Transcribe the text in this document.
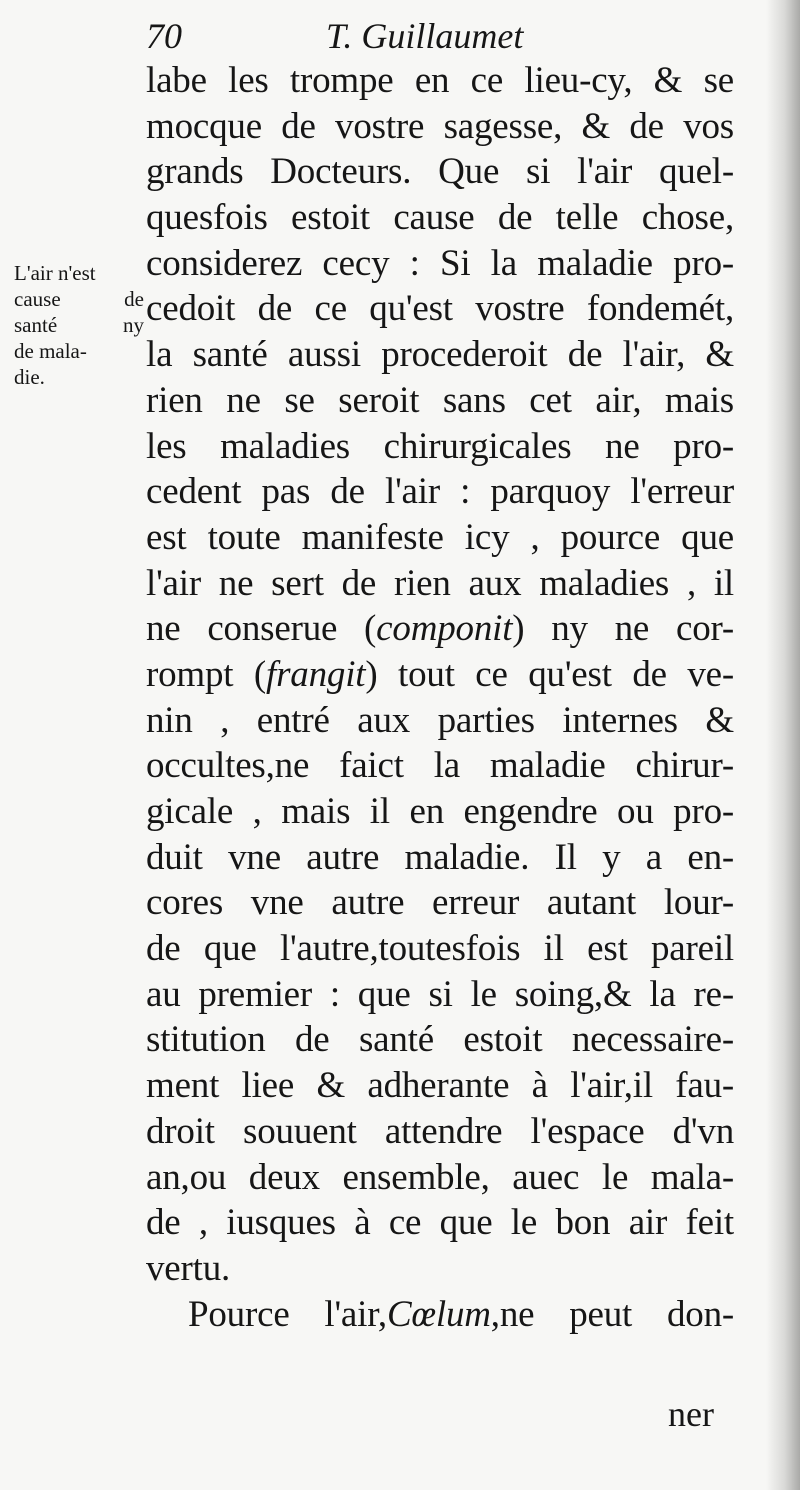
70	T. Guillaumet
L'air n'est
cause de
santé ny
de mala-
die.
labe les trompe en ce lieu-cy, & se
mocque de vostre sagesse, & de vos
grands Docteurs. Que si l'air quel-
quesfois estoit cause de telle chose,
considerez cecy : Si la maladie pro-
cedoit de ce qu'est vostre fondemét,
la santé aussi procederoit de l'air, &
rien ne se seroit sans cet air, mais
les maladies chirurgicales ne pro-
cedent pas de l'air : parquoy l'erreur
est toute manifeste icy , pource que
l'air ne sert de rien aux maladies , il
ne conserue (componit) ny ne cor-
rompt (frangit) tout ce qu'est de ve-
nin , entré aux parties internes &
occultes,ne faict la maladie chirur-
gicale , mais il en engendre ou pro-
duit vne autre maladie. Il y a en-
cores vne autre erreur autant lour-
de que l'autre,toutesfois il est pareil
au premier : que si le soing,& la re-
stitution de santé estoit necessaire-
ment liee & adherante à l'air,il fau-
droit souuent attendre l'espace d'vn
an,ou deux ensemble, auec le mala-
de , iusques à ce que le bon air feit
vertu.
Pource l'air,Cœlum,ne peut don-
ner
